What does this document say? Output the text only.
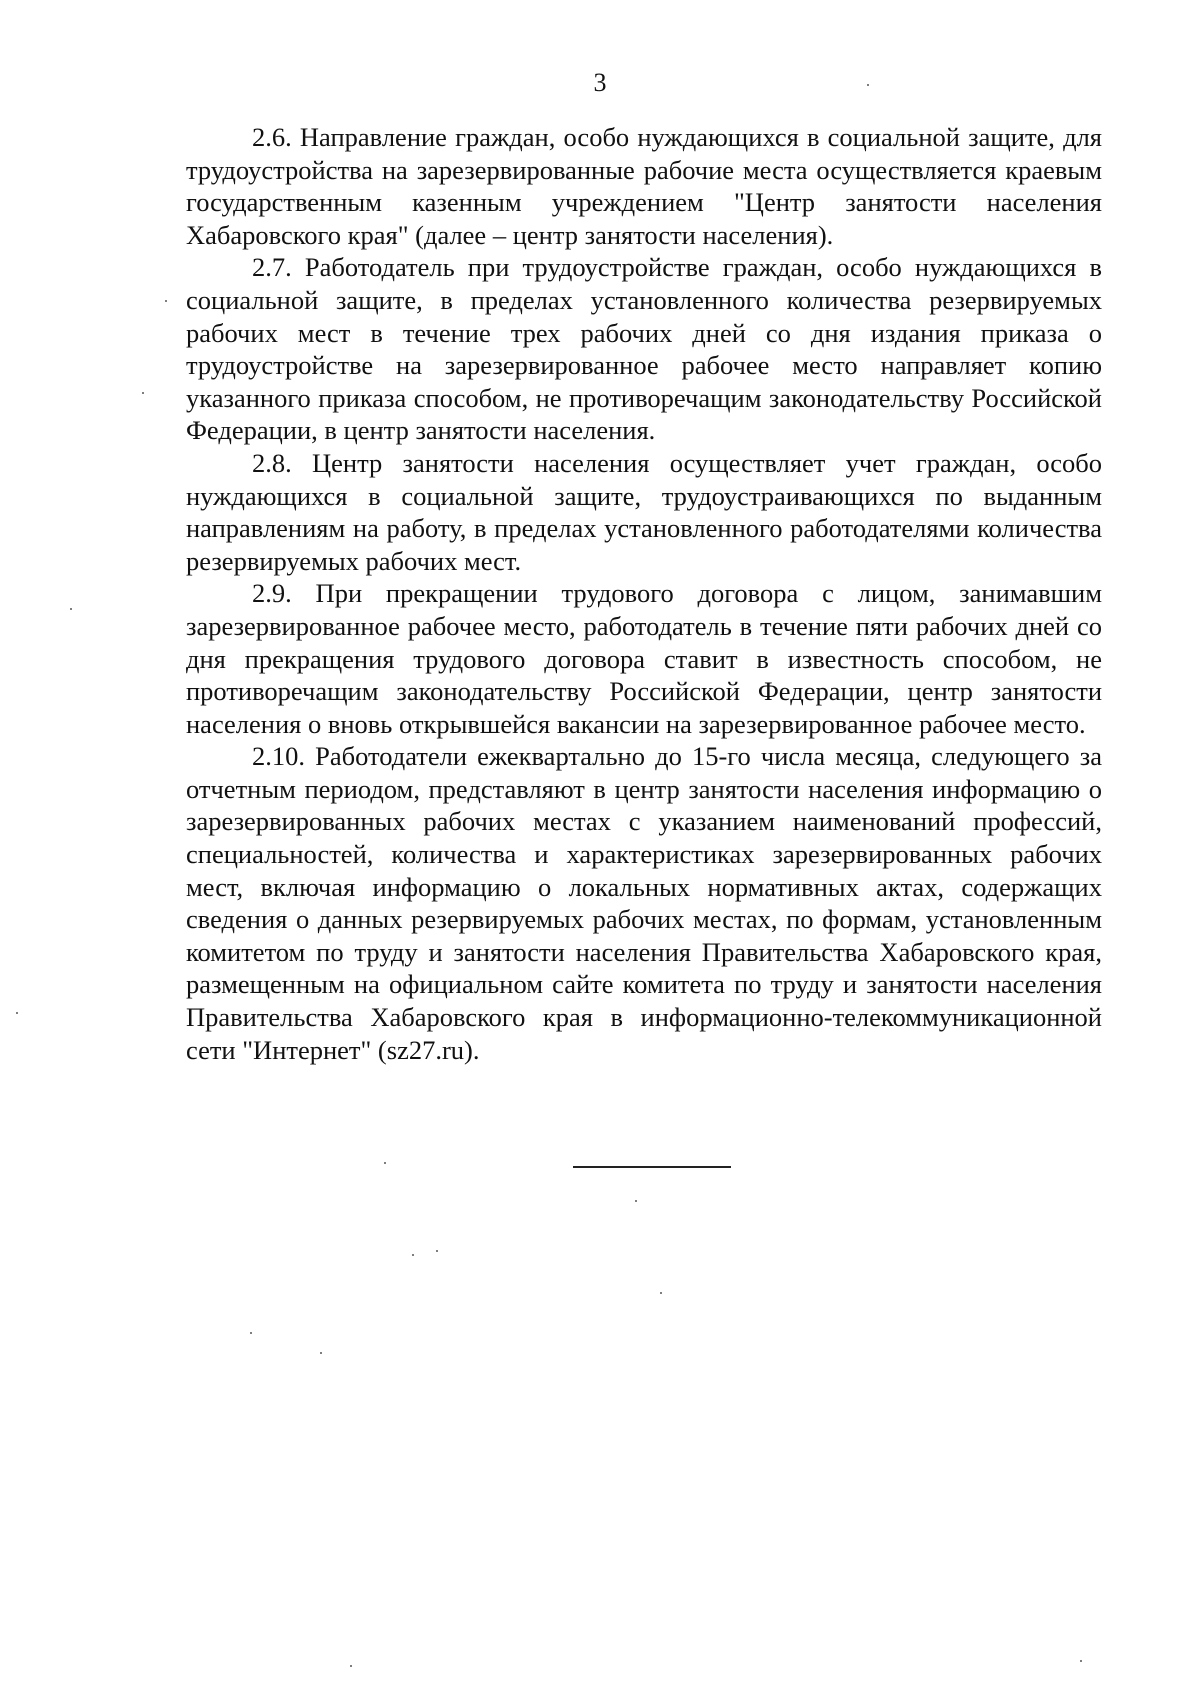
3

2.6. Направление граждан, особо нуждающихся в социальной защите, для трудоустройства на зарезервированные рабочие места осуществляется краевым государственным казенным учреждением "Центр занятости населения Хабаровского края" (далее – центр занятости населения).

2.7. Работодатель при трудоустройстве граждан, особо нуждающихся в социальной защите, в пределах установленного количества резервируемых рабочих мест в течение трех рабочих дней со дня издания приказа о трудоустройстве на зарезервированное рабочее место направляет копию указанного приказа способом, не противоречащим законодательству Российской Федерации, в центр занятости населения.

2.8. Центр занятости населения осуществляет учет граждан, особо нуждающихся в социальной защите, трудоустраивающихся по выданным направлениям на работу, в пределах установленного работодателями количества резервируемых рабочих мест.

2.9. При прекращении трудового договора с лицом, занимавшим зарезервированное рабочее место, работодатель в течение пяти рабочих дней со дня прекращения трудового договора ставит в известность способом, не противоречащим законодательству Российской Федерации, центр занятости населения о вновь открывшейся вакансии на зарезервированное рабочее место.

2.10. Работодатели ежеквартально до 15-го числа месяца, следующего за отчетным периодом, представляют в центр занятости населения информацию о зарезервированных рабочих местах с указанием наименований профессий, специальностей, количества и характеристиках зарезервированных рабочих мест, включая информацию о локальных нормативных актах, содержащих сведения о данных резервируемых рабочих местах, по формам, установленным комитетом по труду и занятости населения Правительства Хабаровского края, размещенным на официальном сайте комитета по труду и занятости населения Правительства Хабаровского края в информационно-телекоммуникационной сети "Интернет" (sz27.ru).
